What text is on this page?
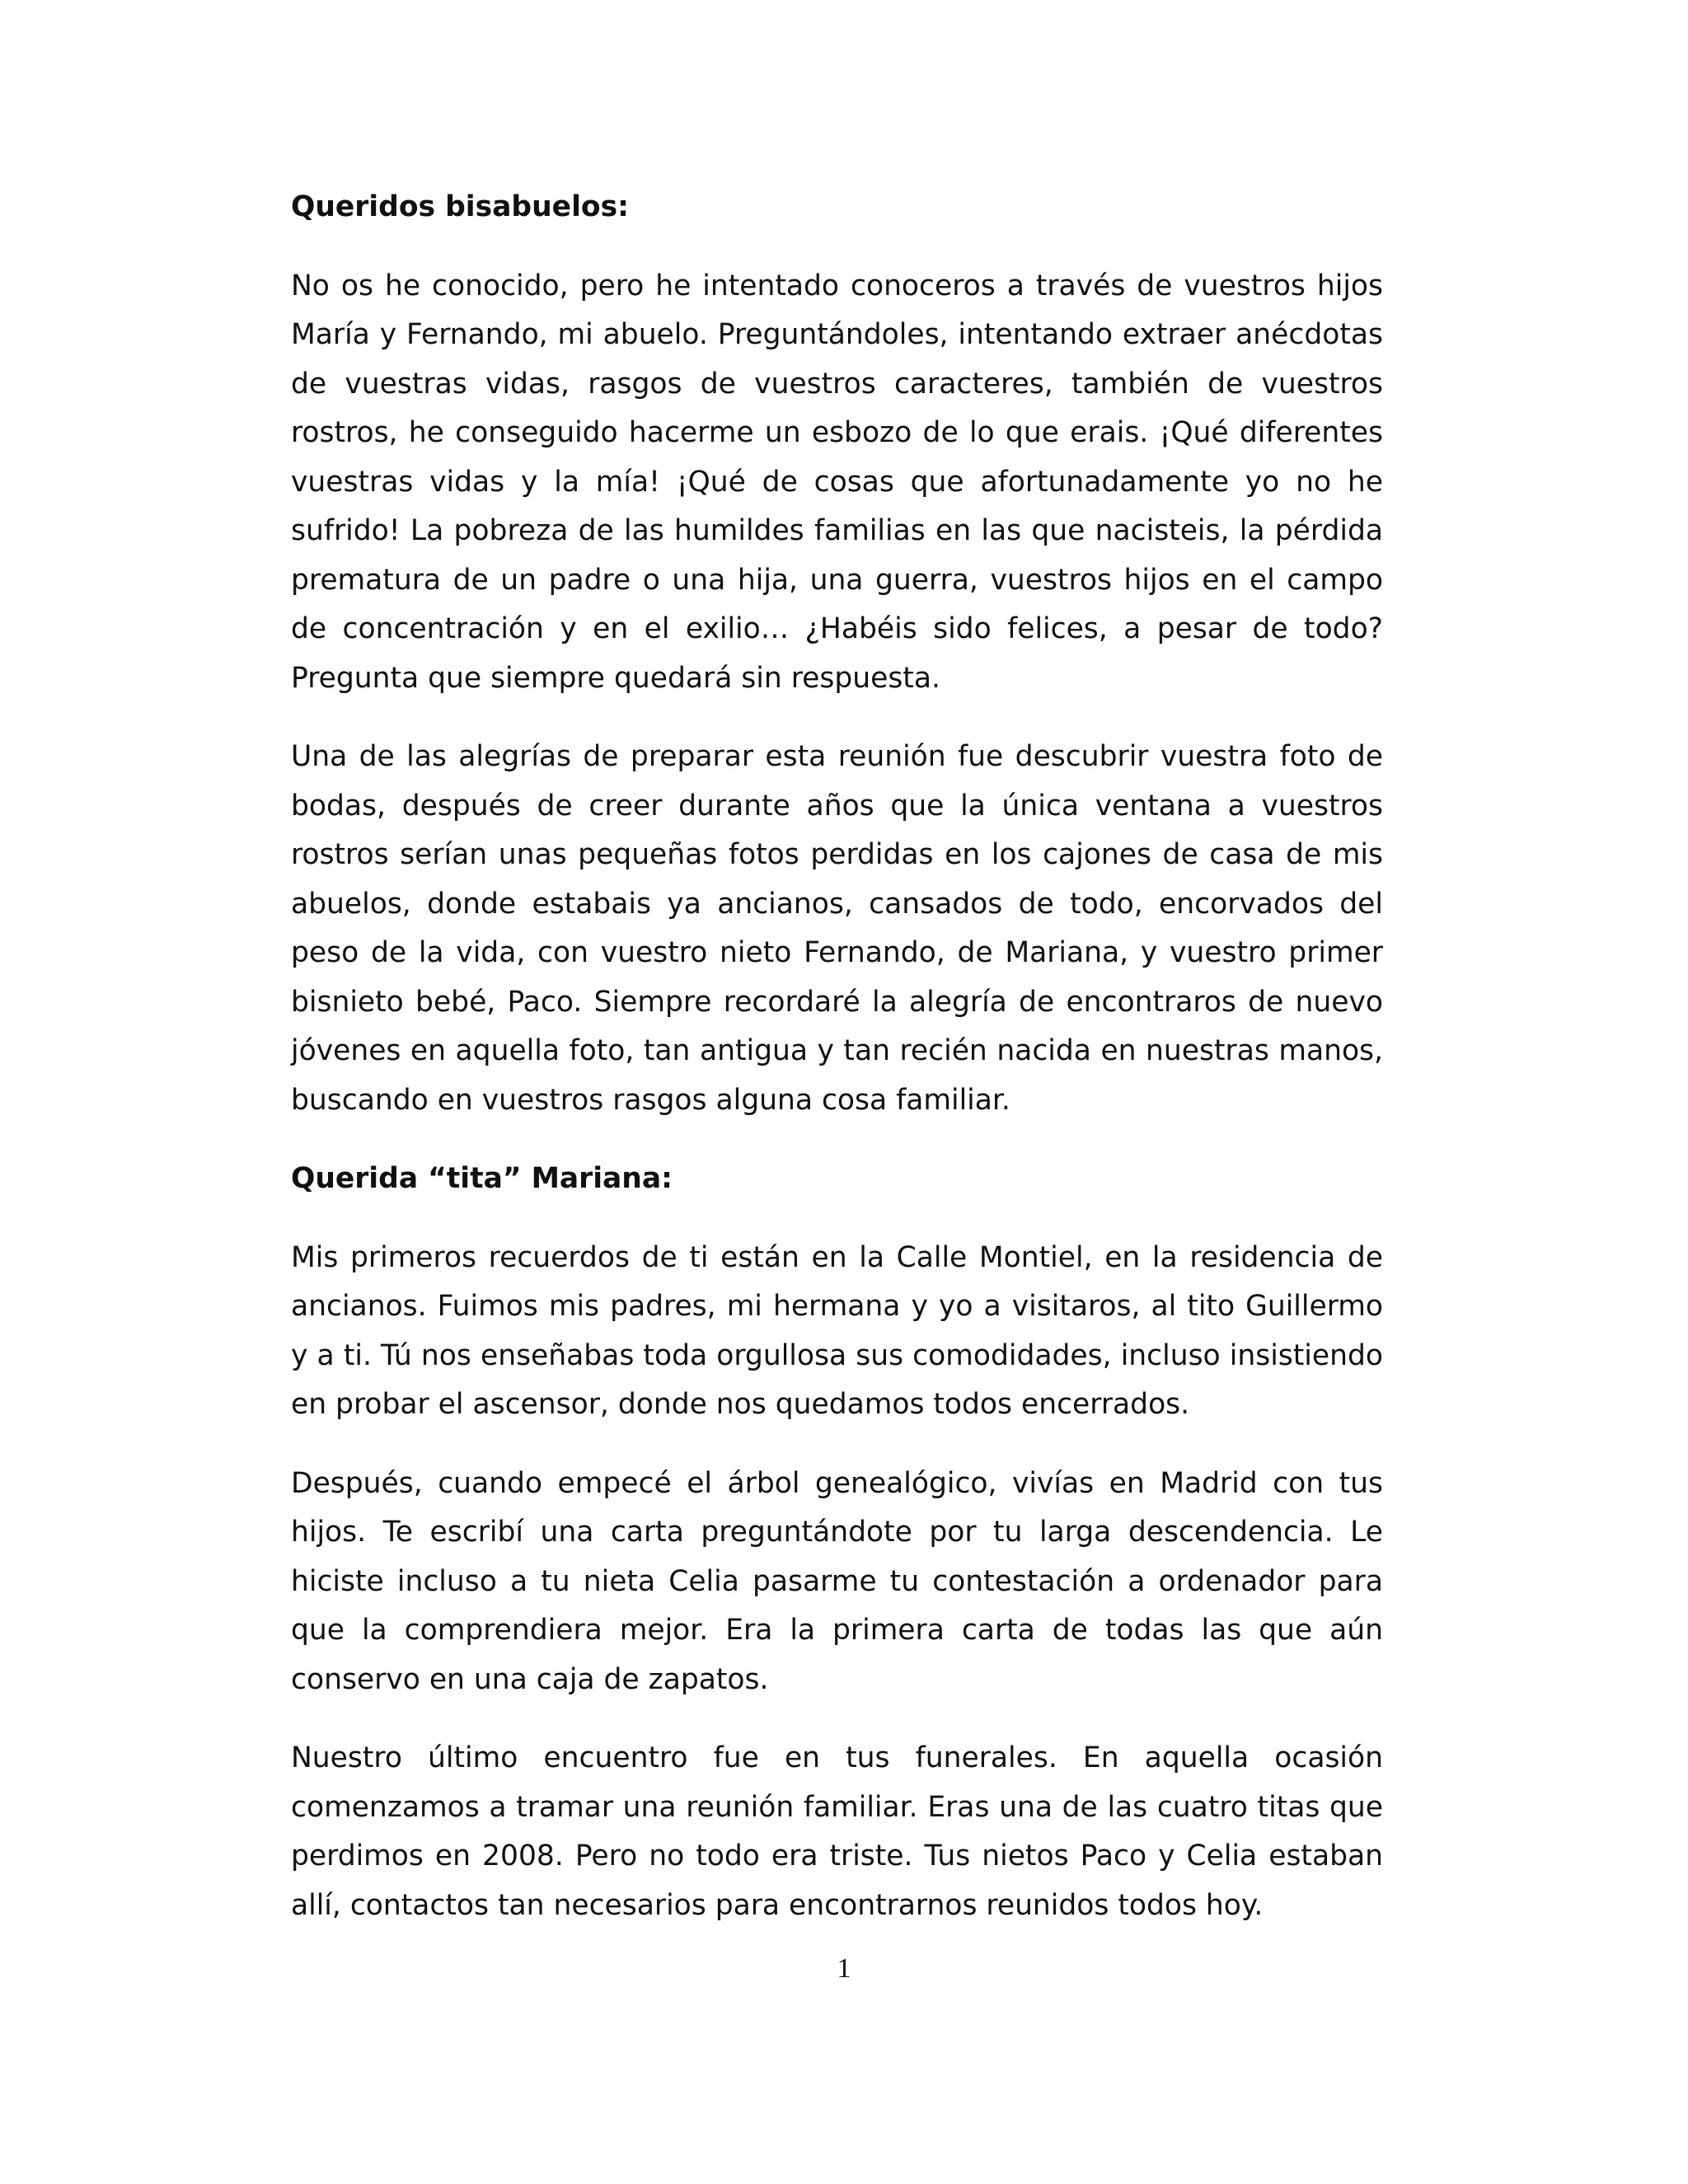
Queridos bisabuelos:

No os he conocido, pero he intentado conoceros a través de vuestros hijos María y Fernando, mi abuelo. Preguntándoles, intentando extraer anécdotas de vuestras vidas, rasgos de vuestros caracteres, también de vuestros rostros, he conseguido hacerme un esbozo de lo que erais. ¡Qué diferentes vuestras vidas y la mía! ¡Qué de cosas que afortunadamente yo no he sufrido! La pobreza de las humildes familias en las que nacisteis, la pérdida prematura de un padre o una hija, una guerra, vuestros hijos en el campo de concentración y en el exilio… ¿Habéis sido felices, a pesar de todo? Pregunta que siempre quedará sin respuesta.

Una de las alegrías de preparar esta reunión fue descubrir vuestra foto de bodas, después de creer durante años que la única ventana a vuestros rostros serían unas pequeñas fotos perdidas en los cajones de casa de mis abuelos, donde estabais ya ancianos, cansados de todo, encorvados del peso de la vida, con vuestro nieto Fernando, de Mariana, y vuestro primer bisnieto bebé, Paco. Siempre recordaré la alegría de encontraros de nuevo jóvenes en aquella foto, tan antigua y tan recién nacida en nuestras manos, buscando en vuestros rasgos alguna cosa familiar.

Querida “tita” Mariana:

Mis primeros recuerdos de ti están en la Calle Montiel, en la residencia de ancianos. Fuimos mis padres, mi hermana y yo a visitaros, al tito Guillermo y a ti. Tú nos enseñabas toda orgullosa sus comodidades, incluso insistiendo en probar el ascensor, donde nos quedamos todos encerrados.

Después, cuando empecé el árbol genealógico, vivías en Madrid con tus hijos. Te escribí una carta preguntándote por tu larga descendencia. Le hiciste incluso a tu nieta Celia pasarme tu contestación a ordenador para que la comprendiera mejor. Era la primera carta de todas las que aún conservo en una caja de zapatos.

Nuestro último encuentro fue en tus funerales. En aquella ocasión comenzamos a tramar una reunión familiar. Eras una de las cuatro titas que perdimos en 2008. Pero no todo era triste. Tus nietos Paco y Celia estaban allí, contactos tan necesarios para encontrarnos reunidos todos hoy.

1
